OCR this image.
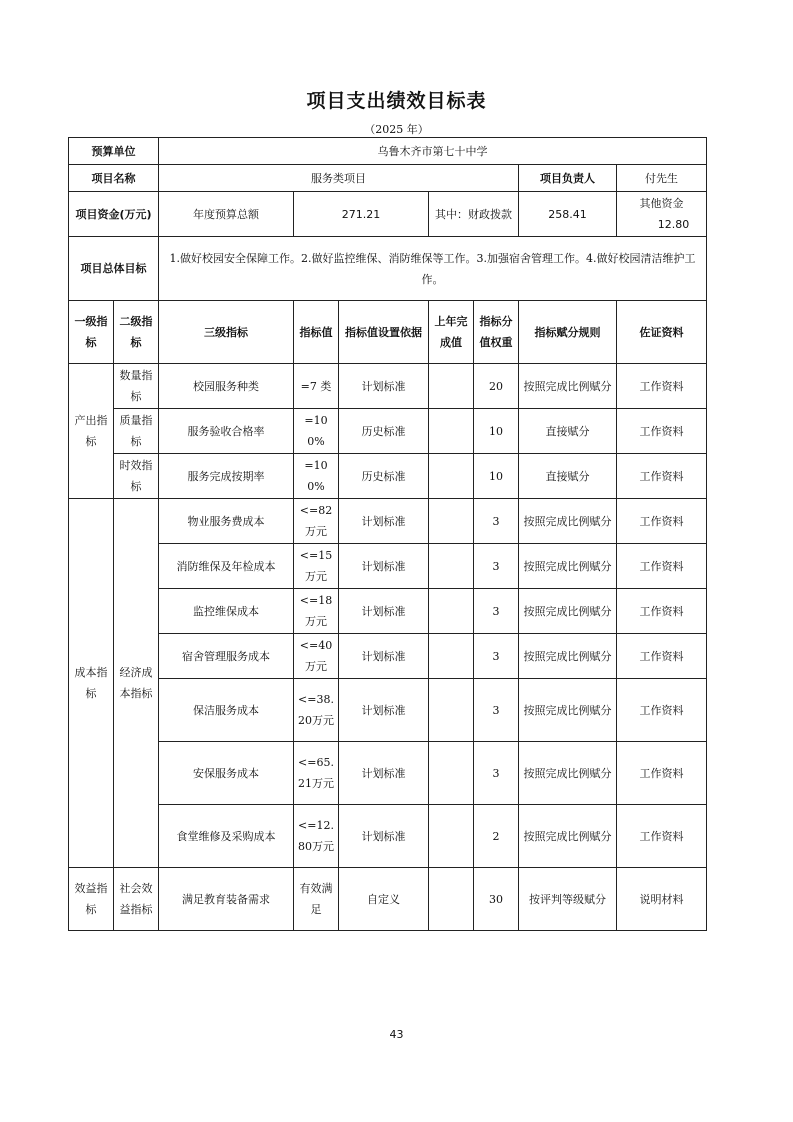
项目支出绩效目标表
（2025 年）
预算单位		乌鲁木齐市第七十中学						
项目名称		服务类项目					项目负责人	付先生
项目资金(万元)		年度预算总额	271.21		其中：财政拨款		258.41	其他资金 12.80
项目总体目标		1.做好校园安全保障工作。2.做好监控维保、消防维保等工作。3.加强宿舍管理工作。4.做好校园清洁维护工作。						
一级指标	二级指标	三级指标	指标值	指标值设置依据	上年完成值	指标分值权重	指标赋分规则	佐证资料
产出指标	数量指标	校园服务种类	=7 类	计划标准		20	按照完成比例赋分	工作资料
	质量指标	服务验收合格率	=100%	历史标准		10	直接赋分	工作资料
	时效指标	服务完成按期率	=100%	历史标准		10	直接赋分	工作资料
成本指标	经济成本指标	物业服务费成本	<=82万元	计划标准		3	按照完成比例赋分	工作资料
		消防维保及年检成本	<=15万元	计划标准		3	按照完成比例赋分	工作资料
		监控维保成本	<=18万元	计划标准		3	按照完成比例赋分	工作资料
		宿舍管理服务成本	<=40万元	计划标准		3	按照完成比例赋分	工作资料
		保洁服务成本	<=38.20万元	计划标准		3	按照完成比例赋分	工作资料
		安保服务成本	<=65.21万元	计划标准		3	按照完成比例赋分	工作资料
		食堂维修及采购成本	<=12.80万元	计划标准		2	按照完成比例赋分	工作资料
效益指标	社会效益指标	满足教育装备需求	有效满足	自定义		30	按评判等级赋分	说明材料
43
